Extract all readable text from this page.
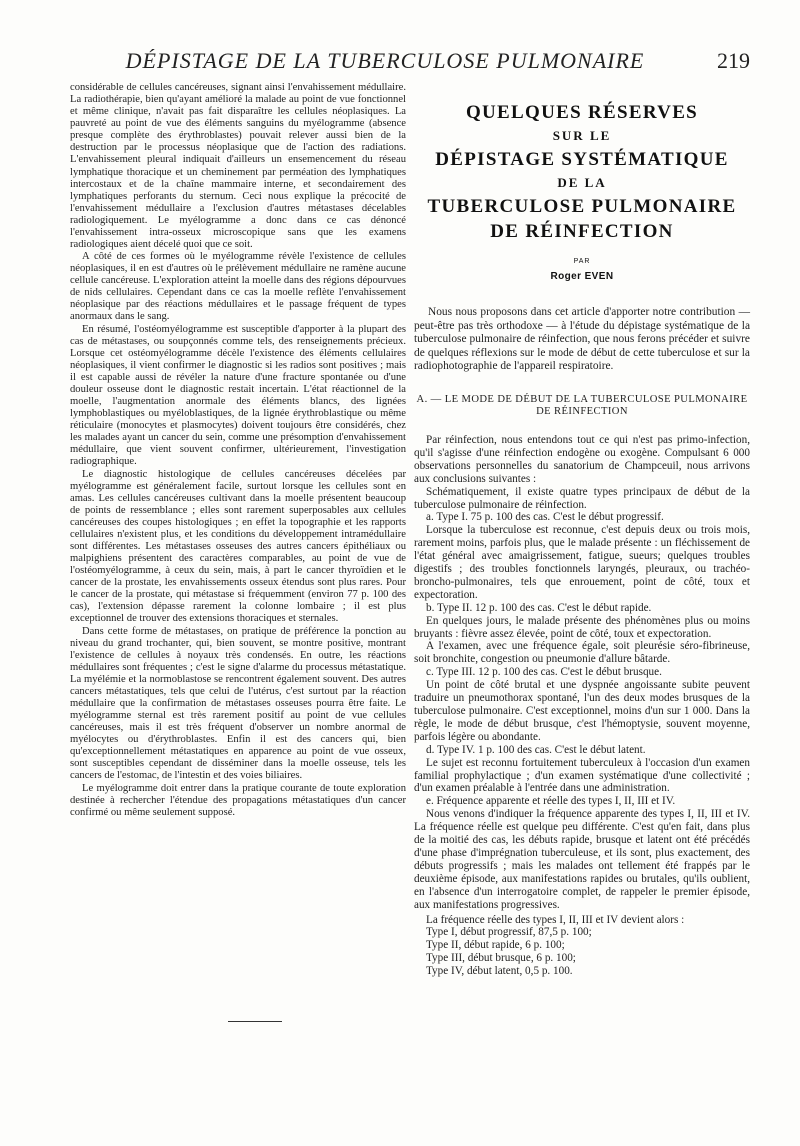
DÉPISTAGE DE LA TUBERCULOSE PULMONAIRE	219

considérable de cellules cancéreuses, signant ainsi l'envahissement médullaire. La radiothérapie, bien qu'ayant amélioré la malade au point de vue fonctionnel et même clinique, n'avait pas fait disparaître les cellules néoplasiques. La pauvreté au point de vue des éléments sanguins du myélogramme (absence presque complète des érythroblastes) pouvait relever aussi bien de la destruction par le processus néoplasique que de l'action des radiations. L'envahissement pleural indiquait d'ailleurs un ensemencement du réseau lymphatique thoracique et un cheminement par perméation des lymphatiques intercostaux et de la chaîne mammaire interne, et secondairement des lymphatiques perforants du sternum. Ceci nous explique la précocité de l'envahissement médullaire a l'exclusion d'autres métastases décelables radiologiquement. Le myélogramme a donc dans ce cas dénoncé l'envahissement intra-osseux microscopique sans que les examens radiologiques aient décelé quoi que ce soit.

A côté de ces formes où le myélogramme révèle l'existence de cellules néoplasiques, il en est d'autres où le prélèvement médullaire ne ramène aucune cellule cancéreuse. L'exploration atteint la moelle dans des régions dépourvues de nids cellulaires. Cependant dans ce cas la moelle reflète l'envahissement néoplasique par des réactions médullaires et le passage fréquent de types anormaux dans le sang.

En résumé, l'ostéomyélogramme est susceptible d'apporter à la plupart des cas de métastases, ou soupçonnés comme tels, des renseignements précieux. Lorsque cet ostéomyélogramme décèle l'existence des éléments cellulaires néoplasiques, il vient confirmer le diagnostic si les radios sont positives ; mais il est capable aussi de révéler la nature d'une fracture spontanée ou d'une douleur osseuse dont le diagnostic restait incertain. L'état réactionnel de la moelle, l'augmentation anormale des éléments blancs, des lignées lymphoblastiques ou myéloblastiques, de la lignée érythroblastique ou même réticulaire (monocytes et plasmocytes) doivent toujours être considérés, chez les malades ayant un cancer du sein, comme une présomption d'envahissement médullaire, que vient souvent confirmer, ultérieurement, l'investigation radiographique.

Le diagnostic histologique de cellules cancéreuses décelées par myélogramme est généralement facile, surtout lorsque les cellules sont en amas. Les cellules cancéreuses cultivant dans la moelle présentent beaucoup de points de ressemblance ; elles sont rarement superposables aux cellules cancéreuses des coupes histologiques ; en effet la topographie et les rapports cellulaires n'existent plus, et les conditions du développement intramédullaire sont différentes. Les métastases osseuses des autres cancers épithéliaux ou malpighiens présentent des caractères comparables, au point de vue de l'ostéomyélogramme, à ceux du sein, mais, à part le cancer thyroïdien et le cancer de la prostate, les envahissements osseux étendus sont plus rares. Pour le cancer de la prostate, qui métastase si fréquemment (environ 77 p. 100 des cas), l'extension dépasse rarement la colonne lombaire ; il est plus exceptionnel de trouver des extensions thoraciques et sternales.

Dans cette forme de métastases, on pratique de préférence la ponction au niveau du grand trochanter, qui, bien souvent, se montre positive, montrant l'existence de cellules à noyaux très condensés. En outre, les réactions médullaires sont fréquentes ; c'est le signe d'alarme du processus métastatique. La myélémie et la normoblastose se rencontrent également souvent. Des autres cancers métastatiques, tels que celui de l'utérus, c'est surtout par la réaction médullaire que la confirmation de métastases osseuses pourra être faite. Le myélogramme sternal est très rarement positif au point de vue cellules cancéreuses, mais il est très fréquent d'observer un nombre anormal de myélocytes ou d'érythroblastes. Enfin il est des cancers qui, bien qu'exceptionnellement métastatiques en apparence au point de vue osseux, sont susceptibles cependant de disséminer dans la moelle osseuse, tels les cancers de l'estomac, de l'intestin et des voies biliaires.

Le myélogramme doit entrer dans la pratique courante de toute exploration destinée à rechercher l'étendue des propagations métastatiques d'un cancer confirmé ou même seulement supposé.

QUELQUES RÉSERVES
SUR LE
DÉPISTAGE SYSTÉMATIQUE
DE LA
TUBERCULOSE PULMONAIRE
DE RÉINFECTION
PAR
Roger EVEN
Nous nous proposons dans cet article d'apporter notre contribution — peut-être pas très orthodoxe — à l'étude du dépistage systématique de la tuberculose pulmonaire de réinfection, que nous ferons précéder et suivre de quelques réflexions sur le mode de début de cette tuberculose et sur la radiophotographie de l'appareil respiratoire.
A. — LE MODE DE DÉBUT DE LA TUBERCULOSE PULMONAIRE DE RÉINFECTION

Par réinfection, nous entendons tout ce qui n'est pas primo-infection, qu'il s'agisse d'une réinfection endogène ou exogène. Compulsant 6 000 observations personnelles du sanatorium de Champceuil, nous arrivons aux conclusions suivantes :

Schématiquement, il existe quatre types principaux de début de la tuberculose pulmonaire de réinfection.

a. Type I. 75 p. 100 des cas. C'est le début progressif.

Lorsque la tuberculose est reconnue, c'est depuis deux ou trois mois, rarement moins, parfois plus, que le malade présente : un fléchissement de l'état général avec amaigrissement, fatigue, sueurs; quelques troubles digestifs ; des troubles fonctionnels laryngés, pleuraux, ou trachéo-broncho-pulmonaires, tels que enrouement, point de côté, toux et expectoration.

b. Type II. 12 p. 100 des cas. C'est le début rapide.

En quelques jours, le malade présente des phénomènes plus ou moins bruyants : fièvre assez élevée, point de côté, toux et expectoration.

A l'examen, avec une fréquence égale, soit pleurésie séro-fibrineuse, soit bronchite, congestion ou pneumonie d'allure bâtarde.

c. Type III. 12 p. 100 des cas. C'est le début brusque.

Un point de côté brutal et une dyspnée angoissante subite peuvent traduire un pneumothorax spontané, l'un des deux modes brusques de la tuberculose pulmonaire. C'est exceptionnel, moins d'un sur 1 000. Dans la règle, le mode de début brusque, c'est l'hémoptysie, souvent moyenne, parfois légère ou abondante.

d. Type IV. 1 p. 100 des cas. C'est le début latent.

Le sujet est reconnu fortuitement tuberculeux à l'occasion d'un examen familial prophylactique ; d'un examen systématique d'une collectivité ; d'un examen préalable à l'entrée dans une administration.

e. Fréquence apparente et réelle des types I, II, III et IV.

Nous venons d'indiquer la fréquence apparente des types I, II, III et IV. La fréquence réelle est quelque peu différente. C'est qu'en fait, dans plus de la moitié des cas, les débuts rapide, brusque et latent ont été précédés d'une phase d'imprégnation tuberculeuse, et ils sont, plus exactement, des débuts progressifs ; mais les malades ont tellement été frappés par le deuxième épisode, aux manifestations rapides ou brutales, qu'ils oublient, en l'absence d'un interrogatoire complet, de rappeler le premier épisode, aux manifestations progressives.

La fréquence réelle des types I, II, III et IV devient alors :

Type I, début progressif, 87,5 p. 100;

Type II, début rapide, 6 p. 100;

Type III, début brusque, 6 p. 100;

Type IV, début latent, 0,5 p. 100.
